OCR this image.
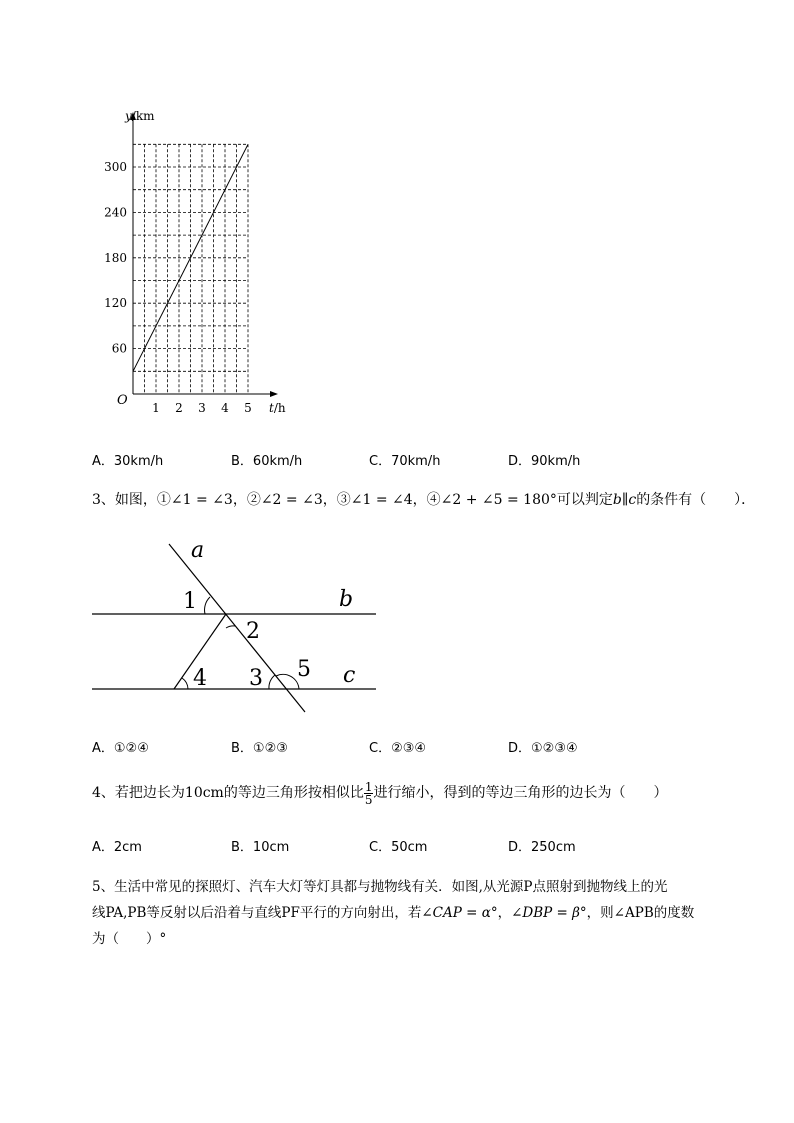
60
120
180
240
300
1 2 3 4 5
O
y/km
t/h
A．30km/h	B．60km/h	C．70km/h	D．90km/h
3、如图，①∠1 = ∠3，②∠2 = ∠3，③∠1 = ∠4，④∠2 + ∠5 = 180°可以判定b∥c的条件有（　　）．
a
b
c
1
2
3
4	5
A．①②④	B．①②③	C．②③④	D．①②③④
4、若把边长为10cm的等边三角形按相似比 $\frac{1}{5}$ 进行缩小，得到的等边三角形的边长为（　　）
A．2cm	B．10cm	C．50cm	D．250cm
5、生活中常见的探照灯、汽车大灯等灯具都与抛物线有关．如图,从光源P点照射到抛物线上的光
线PA,PB等反射以后沿着与直线PF平行的方向射出，若∠CAP = α°，∠DBP = β°，则∠APB的度数
为（　　）°
